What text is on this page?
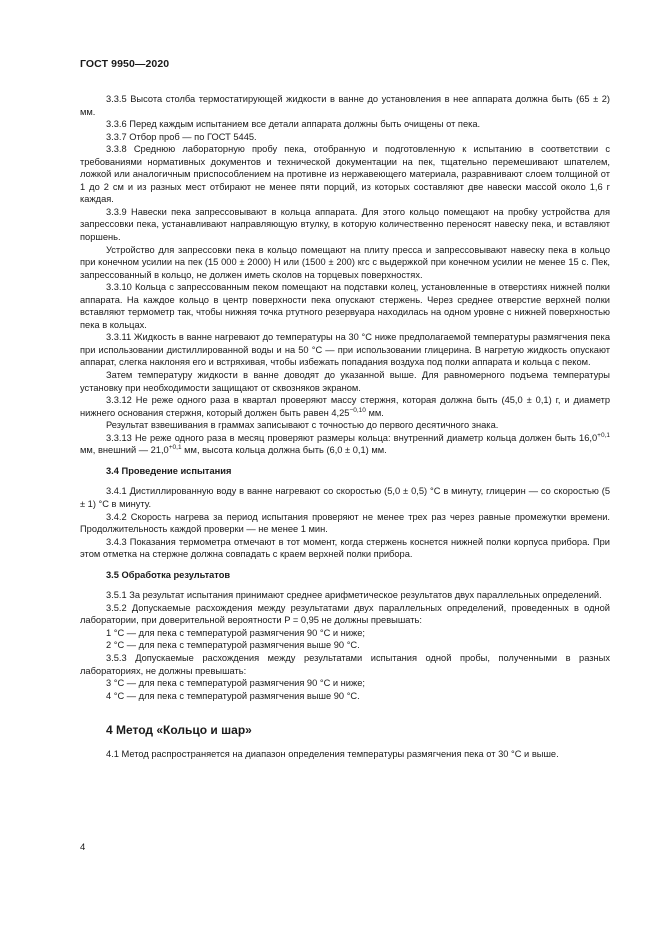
ГОСТ 9950—2020

3.3.5 Высота столба термостатирующей жидкости в ванне до установления в нее аппарата должна быть (65 ± 2) мм.

3.3.6 Перед каждым испытанием все детали аппарата должны быть очищены от пека.

3.3.7 Отбор проб — по ГОСТ 5445.

3.3.8 Среднюю лабораторную пробу пека, отобранную и подготовленную к испытанию в соответствии с требованиями нормативных документов и технической документации на пек, тщательно перемешивают шпателем, ложкой или аналогичным приспособлением на противне из нержавеющего материала, разравнивают слоем толщиной от 1 до 2 см и из разных мест отбирают не менее пяти порций, из которых составляют две навески массой около 1,6 г каждая.

3.3.9 Навески пека запрессовывают в кольца аппарата. Для этого кольцо помещают на пробку устройства для запрессовки пека, устанавливают направляющую втулку, в которую количественно переносят навеску пека, и вставляют поршень.

Устройство для запрессовки пека в кольцо помещают на плиту пресса и запрессовывают навеску пека в кольцо при конечном усилии на пек (15 000 ± 2000) Н или (1500 ± 200) кгс с выдержкой при конечном усилии не менее 15 с. Пек, запрессованный в кольцо, не должен иметь сколов на торцевых поверхностях.

3.3.10 Кольца с запрессованным пеком помещают на подставки колец, установленные в отверстиях нижней полки аппарата. На каждое кольцо в центр поверхности пека опускают стержень. Через среднее отверстие верхней полки вставляют термометр так, чтобы нижняя точка ртутного резервуара находилась на одном уровне с нижней поверхностью пека в кольцах.

3.3.11 Жидкость в ванне нагревают до температуры на 30 °С ниже предполагаемой температуры размягчения пека при использовании дистиллированной воды и на 50 °С — при использовании глицерина. В нагретую жидкость опускают аппарат, слегка наклоняя его и встряхивая, чтобы избежать попадания воздуха под полки аппарата и кольца с пеком.

Затем температуру жидкости в ванне доводят до указанной выше. Для равномерного подъема температуры установку при необходимости защищают от сквозняков экраном.

3.3.12 Не реже одного раза в квартал проверяют массу стержня, которая должна быть (45,0 ± 0,1) г, и диаметр нижнего основания стержня, который должен быть равен $4,25^{-0,10}$ мм.

Результат взвешивания в граммах записывают с точностью до первого десятичного знака.

3.3.13 Не реже одного раза в месяц проверяют размеры кольца: внутренний диаметр кольца должен быть $16,0^{+0,1}$ мм, внешний — $21,0^{+0,1}$ мм, высота кольца должна быть (6,0 ± 0,1) мм.

3.4 Проведение испытания

3.4.1 Дистиллированную воду в ванне нагревают со скоростью (5,0 ± 0,5) °С в минуту, глицерин — со скоростью (5 ± 1) °С в минуту.

3.4.2 Скорость нагрева за период испытания проверяют не менее трех раз через равные промежутки времени. Продолжительность каждой проверки — не менее 1 мин.

3.4.3 Показания термометра отмечают в тот момент, когда стержень коснется нижней полки корпуса прибора. При этом отметка на стержне должна совпадать с краем верхней полки прибора.

3.5 Обработка результатов

3.5.1 За результат испытания принимают среднее арифметическое результатов двух параллельных определений.

3.5.2 Допускаемые расхождения между результатами двух параллельных определений, проведенных в одной лаборатории, при доверительной вероятности P = 0,95 не должны превышать:

1 °С — для пека с температурой размягчения 90 °С и ниже;

2 °С — для пека с температурой размягчения выше 90 °С.

3.5.3 Допускаемые расхождения между результатами испытания одной пробы, полученными в разных лабораториях, не должны превышать:

3 °С — для пека с температурой размягчения 90 °С и ниже;

4 °С — для пека с температурой размягчения выше 90 °С.

4 Метод «Кольцо и шар»

4.1 Метод распространяется на диапазон определения температуры размягчения пека от 30 °С и выше.

4
